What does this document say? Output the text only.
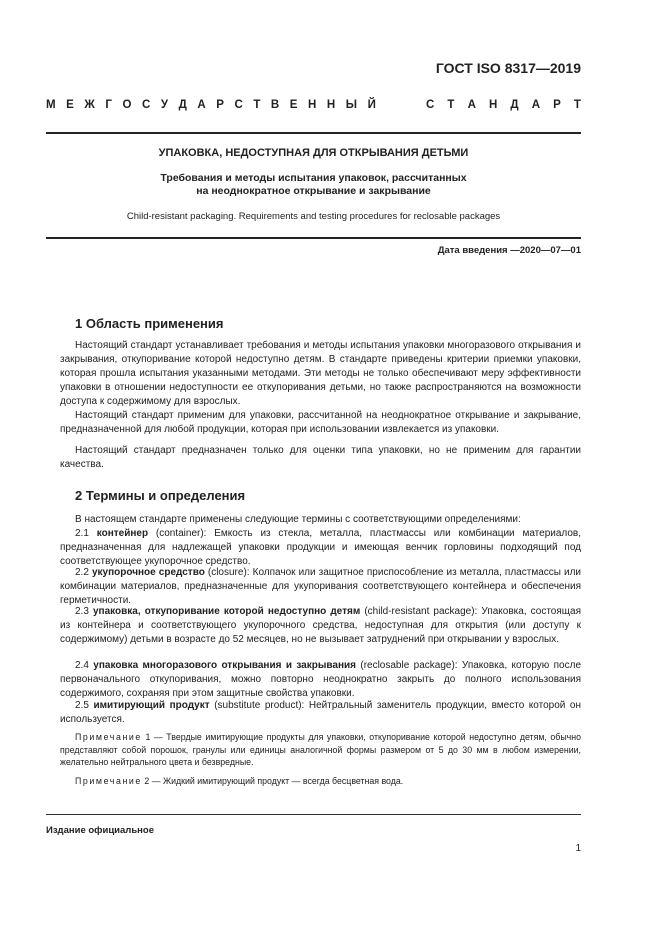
ГОСТ ISO 8317—2019
М Е Ж Г О С У Д А Р С Т В Е Н Н Ы Й	С Т А Н Д А Р Т
УПАКОВКА, НЕДОСТУПНАЯ ДЛЯ ОТКРЫВАНИЯ ДЕТЬМИ
Требования и методы испытания упаковок, рассчитанных
на неоднократное открывание и закрывание
Child-resistant packaging. Requirements and testing procedures for reclosable packages
Дата введения —2020—07—01
1 Область применения
Настоящий стандарт устанавливает требования и методы испытания упаковки многоразового открывания и закрывания, откупоривание которой недоступно детям. В стандарте приведены критерии приемки упаковки, которая прошла испытания указанными методами. Эти методы не только обеспечивают меру эффективности упаковки в отношении недоступности ее откупоривания детьми, но также распространяются на возможности доступа к содержимому для взрослых.
Настоящий стандарт применим для упаковки, рассчитанной на неоднократное открывание и закрывание, предназначенной для любой продукции, которая при использовании извлекается из упаковки.
Настоящий стандарт предназначен только для оценки типа упаковки, но не применим для гарантии качества.
2 Термины и определения
В настоящем стандарте применены следующие термины с соответствующими определениями:
2.1 контейнер (container): Емкость из стекла, металла, пластмассы или комбинации материалов, предназначенная для надлежащей упаковки продукции и имеющая венчик горловины подходящий под соответствующее укупорочное средство.
2.2 укупорочное средство (closure): Колпачок или защитное приспособление из металла, пластмассы или комбинации материалов, предназначенные для укупоривания соответствующего контейнера и обеспечения герметичности.
2.3 упаковка, откупоривание которой недоступно детям (child-resistant package): Упаковка, состоящая из контейнера и соответствующего укупорочного средства, недоступная для открытия (или доступу к содержимому) детьми в возрасте до 52 месяцев, но не вызывает затруднений при открывании у взрослых.
2.4 упаковка многоразового открывания и закрывания (reclosable package): Упаковка, которую после первоначального откупоривания, можно повторно неоднократно закрыть до полного использования содержимого, сохраняя при этом защитные свойства упаковки.
2.5 имитирующий продукт (substitute product): Нейтральный заменитель продукции, вместо которой он используется.
Примечание 1 — Твердые имитирующие продукты для упаковки, откупоривание которой недоступно детям, обычно представляют собой порошок, гранулы или единицы аналогичной формы размером от 5 до 30 мм в любом измерении, желательно нейтрального цвета и безвредные.
Примечание 2 — Жидкий имитирующий продукт — всегда бесцветная вода.
Издание официальное
1
